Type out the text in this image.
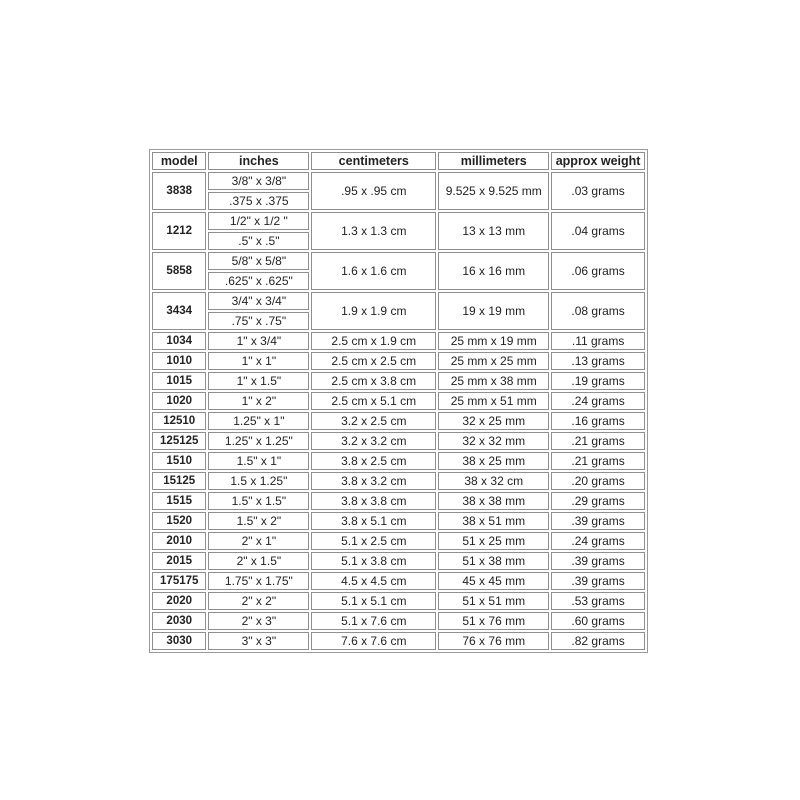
model	inches	centimeters	millimeters	approx weight
3838	3/8" x 3/8"	.95 x .95 cm	9.525 x 9.525 mm	.03 grams
	.375 x .375			
1212	1/2" x 1/2 "	1.3 x 1.3 cm	13 x 13 mm	.04 grams
	.5" x .5"			
5858	5/8" x 5/8"	1.6 x 1.6 cm	16 x 16 mm	.06 grams
	.625" x .625"			
3434	3/4" x 3/4"	1.9 x 1.9 cm	19 x 19 mm	.08 grams
	.75" x .75"			
1034	1" x 3/4"	2.5 cm x 1.9 cm	25 mm x 19 mm	.11 grams
1010	1" x 1"	2.5 cm x 2.5 cm	25 mm x 25 mm	.13 grams
1015	1" x 1.5"	2.5 cm x 3.8 cm	25 mm x 38 mm	.19 grams
1020	1" x 2"	2.5 cm x 5.1 cm	25 mm x 51 mm	.24 grams
12510	1.25" x 1"	3.2 x 2.5 cm	32 x 25 mm	.16 grams
125125	1.25" x 1.25"	3.2 x 3.2 cm	32 x 32 mm	.21 grams
1510	1.5" x 1"	3.8 x 2.5 cm	38 x 25 mm	.21 grams
15125	1.5 x 1.25"	3.8 x 3.2 cm	38 x 32 cm	.20 grams
1515	1.5" x 1.5"	3.8 x 3.8 cm	38 x 38 mm	.29 grams
1520	1.5" x 2"	3.8 x 5.1 cm	38 x 51 mm	.39 grams
2010	2" x 1"	5.1 x 2.5 cm	51 x 25 mm	.24 grams
2015	2" x 1.5"	5.1 x 3.8 cm	51 x 38 mm	.39 grams
175175	1.75" x 1.75"	4.5 x 4.5 cm	45 x 45 mm	.39 grams
2020	2" x 2"	5.1 x 5.1 cm	51 x 51 mm	.53 grams
2030	2" x 3"	5.1 x 7.6 cm	51 x 76 mm	.60 grams
3030	3" x 3"	7.6 x 7.6 cm	76 x 76 mm	.82 grams
